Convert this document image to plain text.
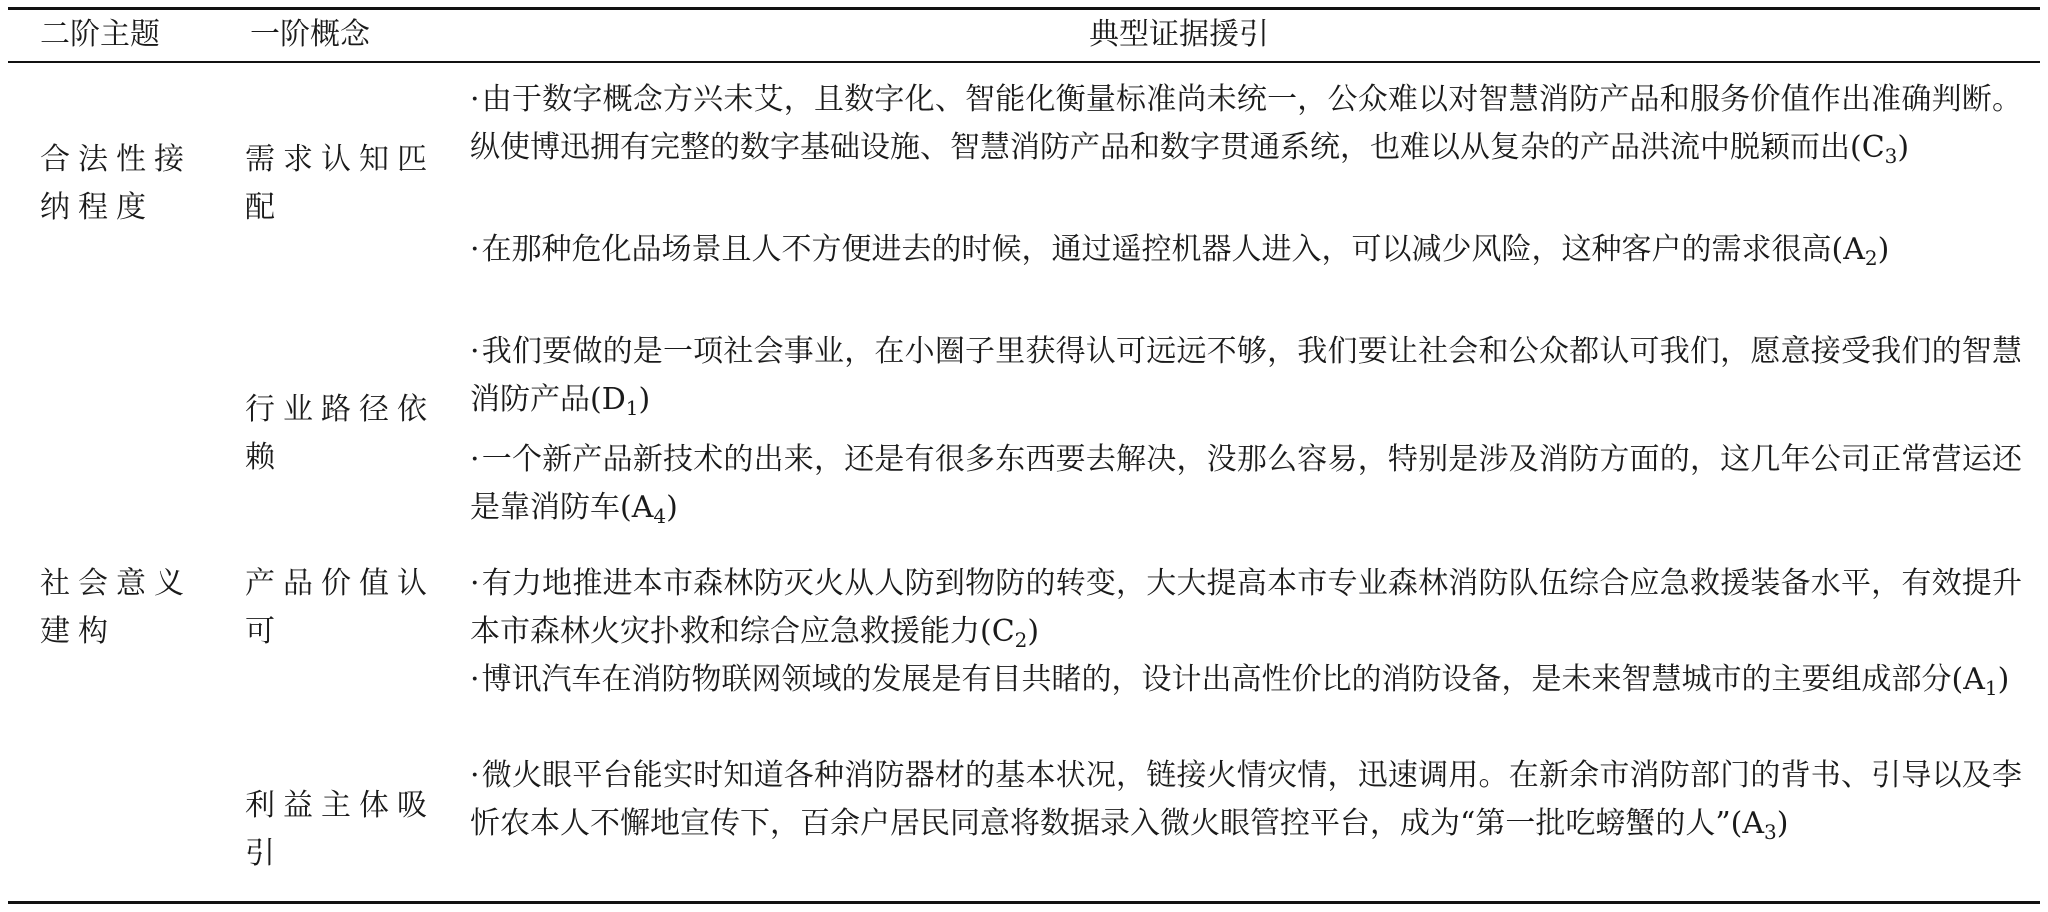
二阶主题	一阶概念	典型证据援引

合法性接纳程度

社会意义建构

需求认知匹配

行业路径依赖

产品价值认可

利益主体吸引

·由于数字概念方兴未艾，且数字化、智能化衡量标准尚未统一，公众难以对智慧消防产品和服务价值作出准确判断。纵使博迅拥有完整的数字基础设施、智慧消防产品和数字贯通系统，也难以从复杂的产品洪流中脱颖而出$(C_3)$

·在那种危化品场景且人不方便进去的时候，通过遥控机器人进入，可以减少风险，这种客户的需求很高$(A_2)$

·我们要做的是一项社会事业，在小圈子里获得认可远远不够，我们要让社会和公众都认可我们，愿意接受我们的智慧消防产品$(D_1)$

·一个新产品新技术的出来，还是有很多东西要去解决，没那么容易，特别是涉及消防方面的，这几年公司正常营运还是靠消防车$(A_4)$

·有力地推进本市森林防灭火从人防到物防的转变，大大提高本市专业森林消防队伍综合应急救援装备水平，有效提升本市森林火灾扑救和综合应急救援能力$(C_2)$

·博讯汽车在消防物联网领域的发展是有目共睹的，设计出高性价比的消防设备，是未来智慧城市的主要组成部分$(A_1)$

·微火眼平台能实时知道各种消防器材的基本状况，链接火情灾情，迅速调用。在新余市消防部门的背书、引导以及李忻农本人不懈地宣传下，百余户居民同意将数据录入微火眼管控平台，成为“第一批吃螃蟹的人$”(A_3)$
